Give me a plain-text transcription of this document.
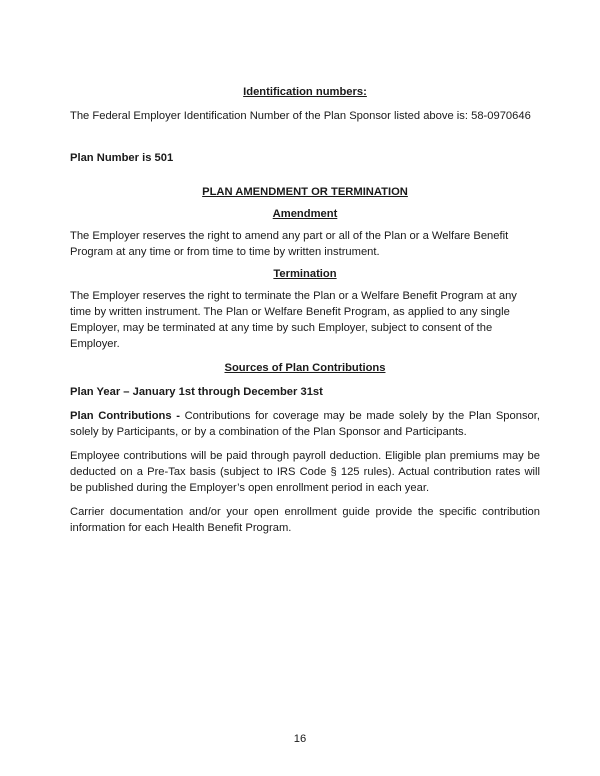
Identification numbers:

The Federal Employer Identification Number of the Plan Sponsor listed above is: 58-0970646

Plan Number is 501

PLAN AMENDMENT OR TERMINATION
Amendment

The Employer reserves the right to amend any part or all of the Plan or a Welfare Benefit Program at any time or from time to time by written instrument.

Termination

The Employer reserves the right to terminate the Plan or a Welfare Benefit Program at any time by written instrument. The Plan or Welfare Benefit Program, as applied to any single Employer, may be terminated at any time by such Employer, subject to consent of the Employer.

Sources of Plan Contributions

Plan Year – January 1st through December 31st

Plan Contributions - Contributions for coverage may be made solely by the Plan Sponsor, solely by Participants, or by a combination of the Plan Sponsor and Participants.

Employee contributions will be paid through payroll deduction. Eligible plan premiums may be deducted on a Pre-Tax basis (subject to IRS Code § 125 rules). Actual contribution rates will be published during the Employer’s open enrollment period in each year.

Carrier documentation and/or your open enrollment guide provide the specific contribution information for each Health Benefit Program.

16
